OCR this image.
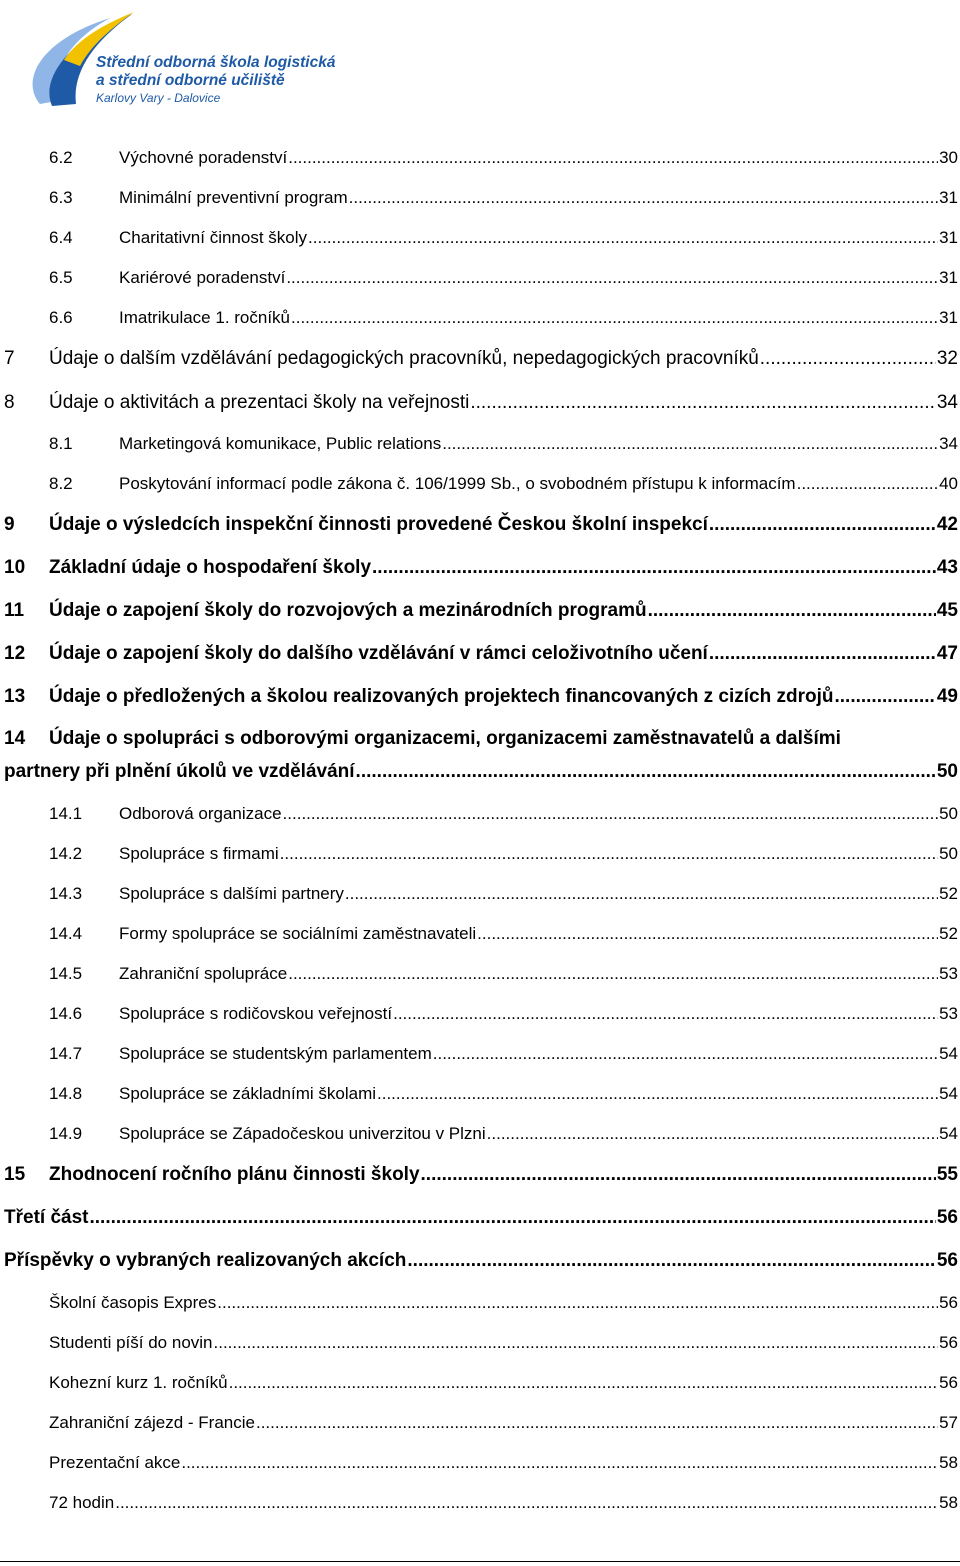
Střední odborná škola logistická
a střední odborné učiliště
Karlovy Vary - Dalovice
6.2	Výchovné poradenství .....	30
6.3	Minimální preventivní program .....	31
6.4	Charitativní činnost školy .....	31
6.5	Kariérové poradenství .....	31
6.6	Imatrikulace 1. ročníků .....	31
7	Údaje o dalším vzdělávání pedagogických pracovníků, nepedagogických pracovníků .....	32
8	Údaje o aktivitách a prezentaci školy na veřejnosti .....	34
8.1	Marketingová komunikace, Public relations .....	34
8.2	Poskytování informací podle zákona č. 106/1999 Sb., o svobodném přístupu k informacím .....	40
9	Údaje o výsledcích inspekční činnosti provedené Českou školní inspekcí .....	42
10	Základní údaje o hospodaření školy .....	43
11	Údaje o zapojení školy do rozvojových a mezinárodních programů .....	45
12	Údaje o zapojení školy do dalšího vzdělávání v rámci celoživotního učení .....	47
13	Údaje o předložených a školou realizovaných projektech financovaných z cizích zdrojů .....	49
14 Údaje o spolupráci s odborovými organizacemi, organizacemi zaměstnavatelů a dalšími
partnery při plnění úkolů ve vzdělávání .....	50
14.1	Odborová organizace .....	50
14.2	Spolupráce s firmami .....	50
14.3	Spolupráce s dalšími partnery .....	52
14.4	Formy spolupráce se sociálními zaměstnavateli .....	52
14.5	Zahraniční spolupráce .....	53
14.6	Spolupráce s rodičovskou veřejností .....	53
14.7	Spolupráce se studentským parlamentem .....	54
14.8	Spolupráce se základními školami .....	54
14.9	Spolupráce se Západočeskou univerzitou v Plzni .....	54
15	Zhodnocení ročního plánu činnosti školy .....	55
Třetí část .....	56
Příspěvky o vybraných realizovaných akcích .....	56
Školní časopis Expres .....	56
Studenti píší do novin .....	56
Kohezní kurz 1. ročníků .....	56
Zahraniční zájezd - Francie .....	57
Prezentační akce .....	58
72 hodin .....	58
